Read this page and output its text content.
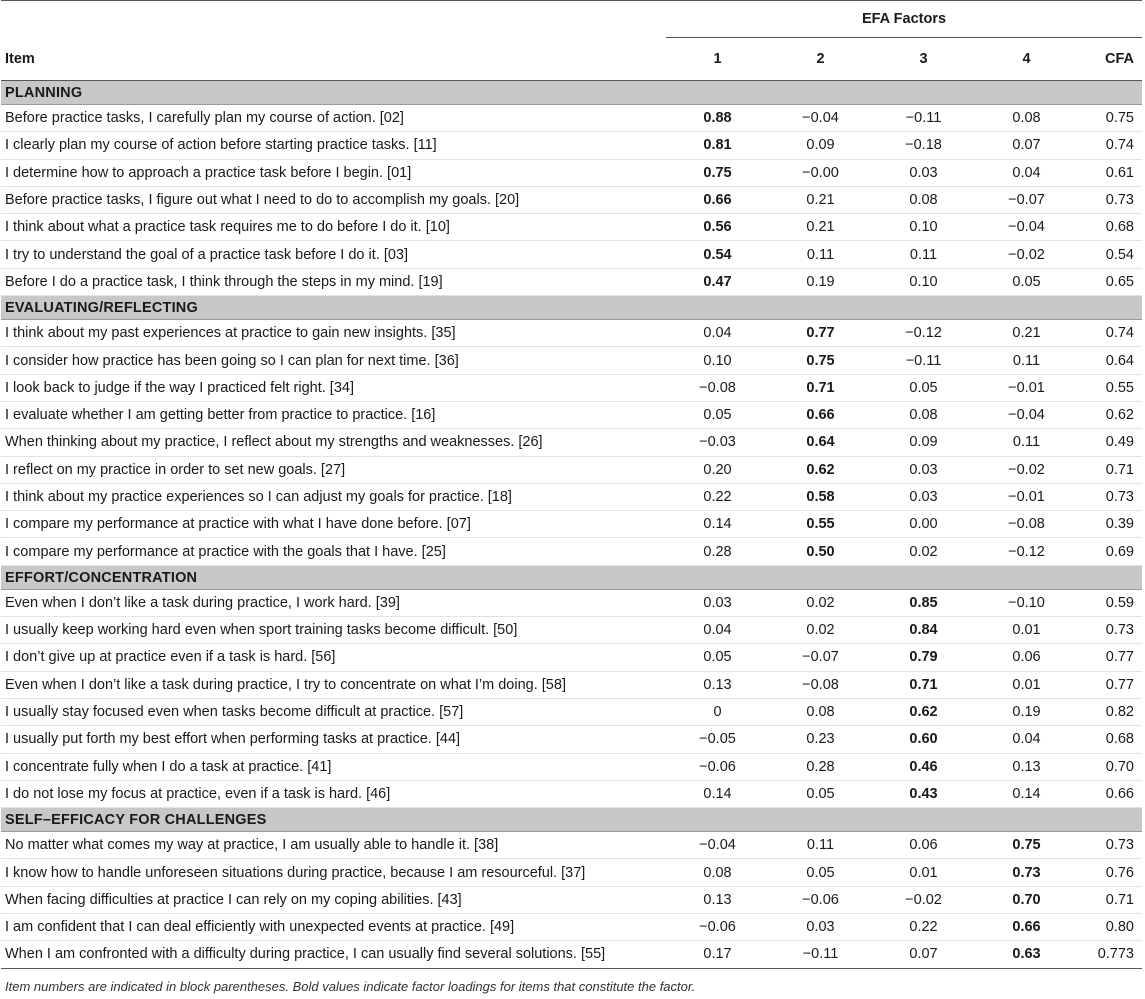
	EFA Factors				
Item	1	2	3	4	CFA
PLANNING					
Before practice tasks, I carefully plan my course of action. [02]	0.88	−0.04	−0.11	0.08	0.75
I clearly plan my course of action before starting practice tasks. [11]	0.81	0.09	−0.18	0.07	0.74
I determine how to approach a practice task before I begin. [01]	0.75	−0.00	0.03	0.04	0.61
Before practice tasks, I figure out what I need to do to accomplish my goals. [20]	0.66	0.21	0.08	−0.07	0.73
I think about what a practice task requires me to do before I do it. [10]	0.56	0.21	0.10	−0.04	0.68
I try to understand the goal of a practice task before I do it. [03]	0.54	0.11	0.11	−0.02	0.54
Before I do a practice task, I think through the steps in my mind. [19]	0.47	0.19	0.10	0.05	0.65
EVALUATING/REFLECTING					
I think about my past experiences at practice to gain new insights. [35]	0.04	0.77	−0.12	0.21	0.74
I consider how practice has been going so I can plan for next time. [36]	0.10	0.75	−0.11	0.11	0.64
I look back to judge if the way I practiced felt right. [34]	−0.08	0.71	0.05	−0.01	0.55
I evaluate whether I am getting better from practice to practice. [16]	0.05	0.66	0.08	−0.04	0.62
When thinking about my practice, I reflect about my strengths and weaknesses. [26]	−0.03	0.64	0.09	0.11	0.49
I reflect on my practice in order to set new goals. [27]	0.20	0.62	0.03	−0.02	0.71
I think about my practice experiences so I can adjust my goals for practice. [18]	0.22	0.58	0.03	−0.01	0.73
I compare my performance at practice with what I have done before. [07]	0.14	0.55	0.00	−0.08	0.39
I compare my performance at practice with the goals that I have. [25]	0.28	0.50	0.02	−0.12	0.69
EFFORT/CONCENTRATION					
Even when I don’t like a task during practice, I work hard. [39]	0.03	0.02	0.85	−0.10	0.59
I usually keep working hard even when sport training tasks become difficult. [50]	0.04	0.02	0.84	0.01	0.73
I don’t give up at practice even if a task is hard. [56]	0.05	−0.07	0.79	0.06	0.77
Even when I don’t like a task during practice, I try to concentrate on what I’m doing. [58]	0.13	−0.08	0.71	0.01	0.77
I usually stay focused even when tasks become difficult at practice. [57]	0	0.08	0.62	0.19	0.82
I usually put forth my best effort when performing tasks at practice. [44]	−0.05	0.23	0.60	0.04	0.68
I concentrate fully when I do a task at practice. [41]	−0.06	0.28	0.46	0.13	0.70
I do not lose my focus at practice, even if a task is hard. [46]	0.14	0.05	0.43	0.14	0.66
SELF–EFFICACY FOR CHALLENGES					
No matter what comes my way at practice, I am usually able to handle it. [38]	−0.04	0.11	0.06	0.75	0.73
I know how to handle unforeseen situations during practice, because I am resourceful. [37]	0.08	0.05	0.01	0.73	0.76
When facing difficulties at practice I can rely on my coping abilities. [43]	0.13	−0.06	−0.02	0.70	0.71
I am confident that I can deal efficiently with unexpected events at practice. [49]	−0.06	0.03	0.22	0.66	0.80
When I am confronted with a difficulty during practice, I can usually find several solutions. [55]	0.17	−0.11	0.07	0.63	0.773
Item numbers are indicated in block parentheses. Bold values indicate factor loadings for items that constitute the factor.
